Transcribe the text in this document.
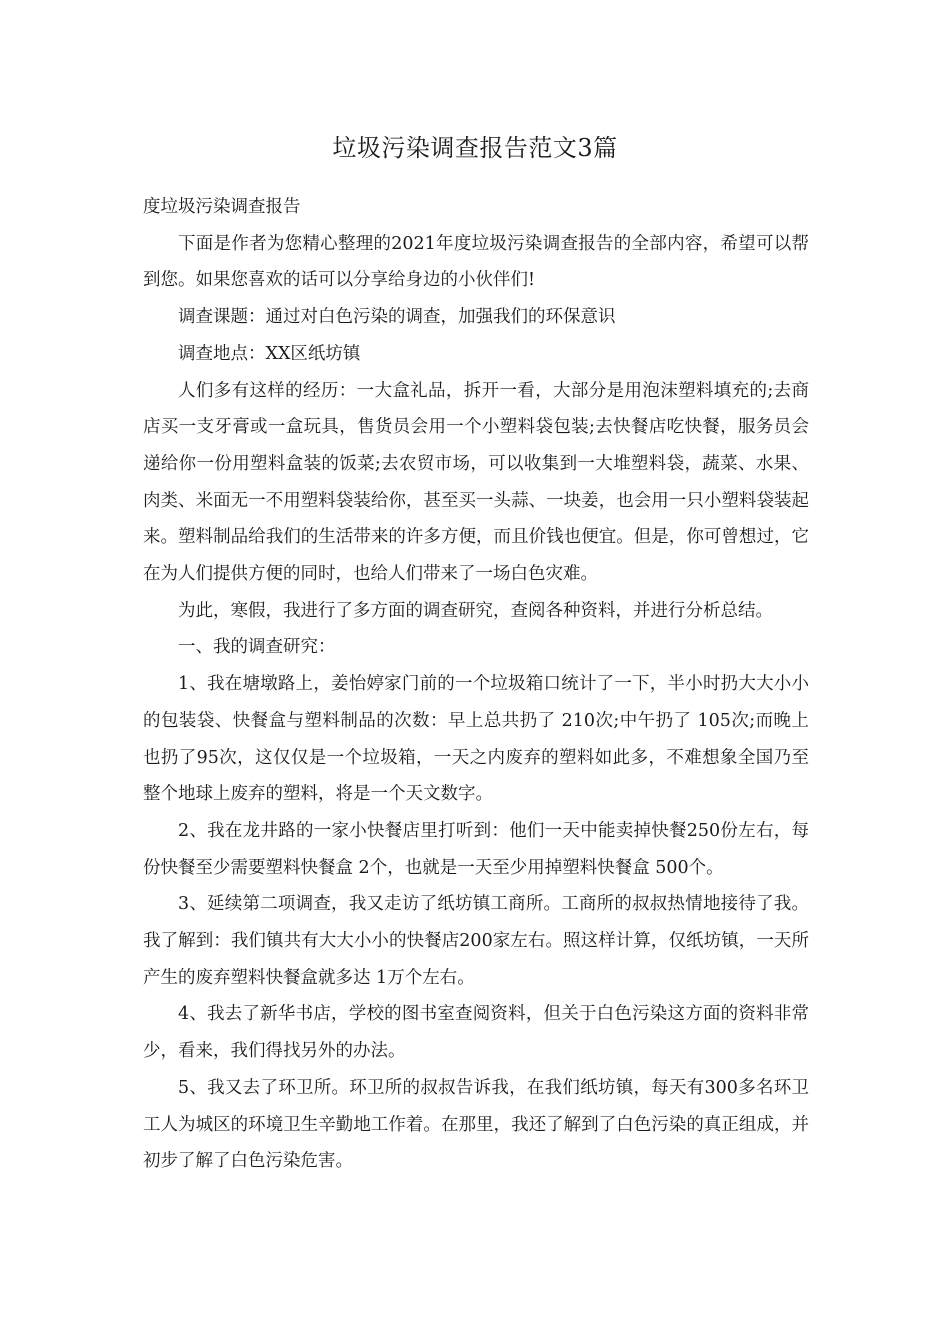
垃圾污染调查报告范文3篇

度垃圾污染调查报告

下面是作者为您精心整理的2021年度垃圾污染调查报告的全部内容，希望可以帮到您。如果您喜欢的话可以分享给身边的小伙伴们!

调查课题：通过对白色污染的调查，加强我们的环保意识

调查地点：XX区纸坊镇

人们多有这样的经历：一大盒礼品，拆开一看，大部分是用泡沫塑料填充的;去商店买一支牙膏或一盒玩具，售货员会用一个小塑料袋包装;去快餐店吃快餐，服务员会递给你一份用塑料盒装的饭菜;去农贸市场，可以收集到一大堆塑料袋，蔬菜、水果、肉类、米面无一不用塑料袋装给你，甚至买一头蒜、一块姜，也会用一只小塑料袋装起来。塑料制品给我们的生活带来的许多方便，而且价钱也便宜。但是，你可曾想过，它在为人们提供方便的同时，也给人们带来了一场白色灾难。

为此，寒假，我进行了多方面的调查研究，查阅各种资料，并进行分析总结。

一、我的调查研究：

1、我在塘墩路上，姜怡婷家门前的一个垃圾箱口统计了一下，半小时扔大大小小的包装袋、快餐盒与塑料制品的次数：早上总共扔了 210次;中午扔了 105次;而晚上也扔了95次，这仅仅是一个垃圾箱，一天之内废弃的塑料如此多，不难想象全国乃至整个地球上废弃的塑料，将是一个天文数字。

2、我在龙井路的一家小快餐店里打听到：他们一天中能卖掉快餐250份左右，每份快餐至少需要塑料快餐盒 2个，也就是一天至少用掉塑料快餐盒 500个。

3、延续第二项调查，我又走访了纸坊镇工商所。工商所的叔叔热情地接待了我。我了解到：我们镇共有大大小小的快餐店200家左右。照这样计算，仅纸坊镇，一天所产生的废弃塑料快餐盒就多达 1万个左右。

4、我去了新华书店，学校的图书室查阅资料，但关于白色污染这方面的资料非常少，看来，我们得找另外的办法。

5、我又去了环卫所。环卫所的叔叔告诉我，在我们纸坊镇，每天有300多名环卫工人为城区的环境卫生辛勤地工作着。在那里，我还了解到了白色污染的真正组成，并初步了解了白色污染危害。
